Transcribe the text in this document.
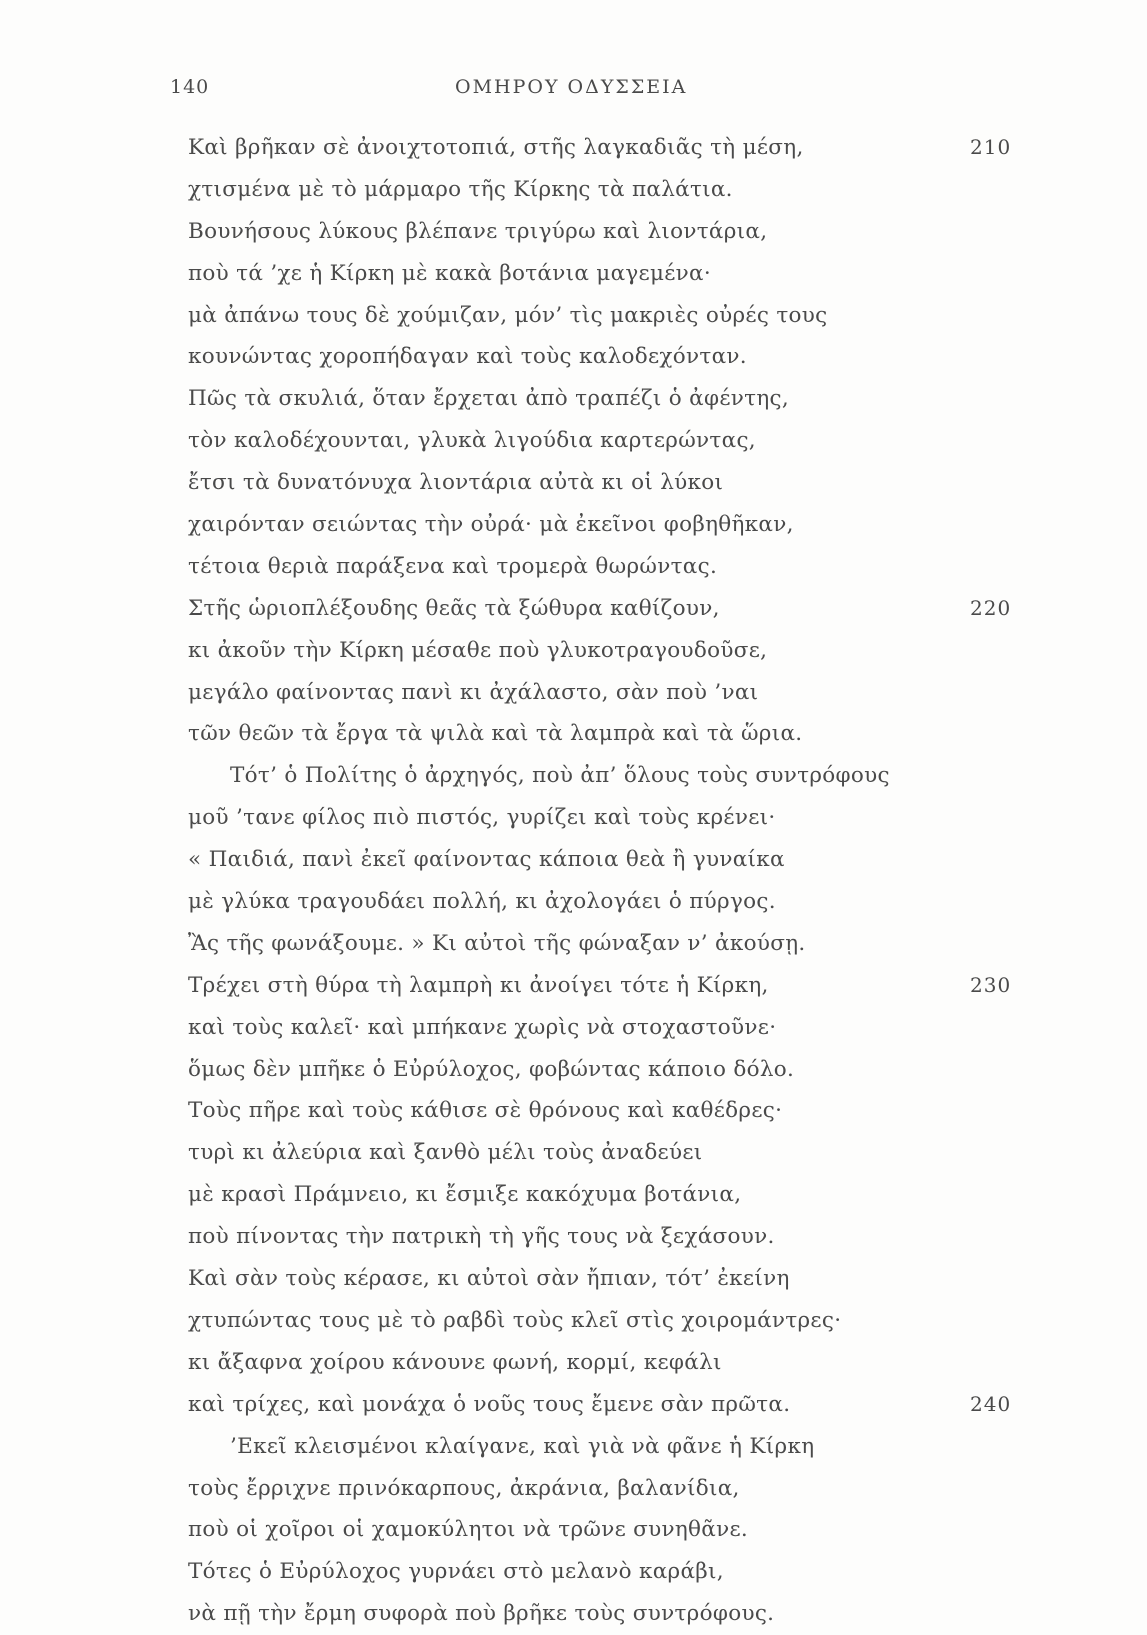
140	ΟΜΗΡΟΥ ΟΔΥΣΣΕΙΑ
Καὶ βρῆκαν σὲ ἀνοιχτοτοπιά, στῆς λαγκαδιᾶς τὴ μέση,	210
χτισμένα μὲ τὸ μάρμαρο τῆς Κίρκης τὰ παλάτια.
Βουνήσους λύκους βλέπανε τριγύρω καὶ λιοντάρια,
ποὺ τά ’χε ἡ Κίρκη μὲ κακὰ βοτάνια μαγεμένα·
μὰ ἀπάνω τους δὲ χούμιζαν, μόν’ τὶς μακριὲς οὐρές τους
κουνώντας χοροπήδαγαν καὶ τοὺς καλοδεχόνταν.
Πῶς τὰ σκυλιά, ὅταν ἔρχεται ἀπὸ τραπέζι ὁ ἀφέντης,
τὸν καλοδέχουνται, γλυκὰ λιγούδια καρτερώντας,
ἔτσι τὰ δυνατόνυχα λιοντάρια αὐτὰ κι οἱ λύκοι
χαιρόνταν σειώντας τὴν οὐρά· μὰ ἐκεῖνοι φοβηθῆκαν,
τέτοια θεριὰ παράξενα καὶ τρομερὰ θωρώντας.
Στῆς ὡριοπλέξουδης θεᾶς τὰ ξώθυρα καθίζουν,	220
κι ἀκοῦν τὴν Κίρκη μέσαθε ποὺ γλυκοτραγουδοῦσε,
μεγάλο φαίνοντας πανὶ κι ἀχάλαστο, σὰν ποὺ ’ναι
τῶν θεῶν τὰ ἔργα τὰ ψιλὰ καὶ τὰ λαμπρὰ καὶ τὰ ὥρια.
Τότ’ ὁ Πολίτης ὁ ἀρχηγός, ποὺ ἀπ’ ὅλους τοὺς συντρόφους
μοῦ ’τανε φίλος πιὸ πιστός, γυρίζει καὶ τοὺς κρένει·
« Παιδιά, πανὶ ἐκεῖ φαίνοντας κάποια θεὰ ἢ γυναίκα
μὲ γλύκα τραγουδάει πολλή, κι ἀχολογάει ὁ πύργος.
Ἂς τῆς φωνάξουμε. » Κι αὐτοὶ τῆς φώναξαν ν’ ἀκούσῃ.
Τρέχει στὴ θύρα τὴ λαμπρὴ κι ἀνοίγει τότε ἡ Κίρκη,	230
καὶ τοὺς καλεῖ· καὶ μπήκανε χωρὶς νὰ στοχαστοῦνε·
ὅμως δὲν μπῆκε ὁ Εὐρύλοχος, φοβώντας κάποιο δόλο.
Τοὺς πῆρε καὶ τοὺς κάθισε σὲ θρόνους καὶ καθέδρες·
τυρὶ κι ἀλεύρια καὶ ξανθὸ μέλι τοὺς ἀναδεύει
μὲ κρασὶ Πράμνειο, κι ἔσμιξε κακόχυμα βοτάνια,
ποὺ πίνοντας τὴν πατρικὴ τὴ γῆς τους νὰ ξεχάσουν.
Καὶ σὰν τοὺς κέρασε, κι αὐτοὶ σὰν ἤπιαν, τότ’ ἐκείνη
χτυπώντας τους μὲ τὸ ραβδὶ τοὺς κλεῖ στὶς χοιρομάντρες·
κι ἄξαφνα χοίρου κάνουνε φωνή, κορμί, κεφάλι
καὶ τρίχες, καὶ μονάχα ὁ νοῦς τους ἔμενε σὰν πρῶτα.	240
’Εκεῖ κλεισμένοι κλαίγανε, καὶ γιὰ νὰ φᾶνε ἡ Κίρκη
τοὺς ἔρριχνε πρινόκαρπους, ἀκράνια, βαλανίδια,
ποὺ οἱ χοῖροι οἱ χαμοκύλητοι νὰ τρῶνε συνηθᾶνε.
Τότες ὁ Εὐρύλοχος γυρνάει στὸ μελανὸ καράβι,
νὰ πῇ τὴν ἔρμη συφορὰ ποὺ βρῆκε τοὺς συντρόφους.
